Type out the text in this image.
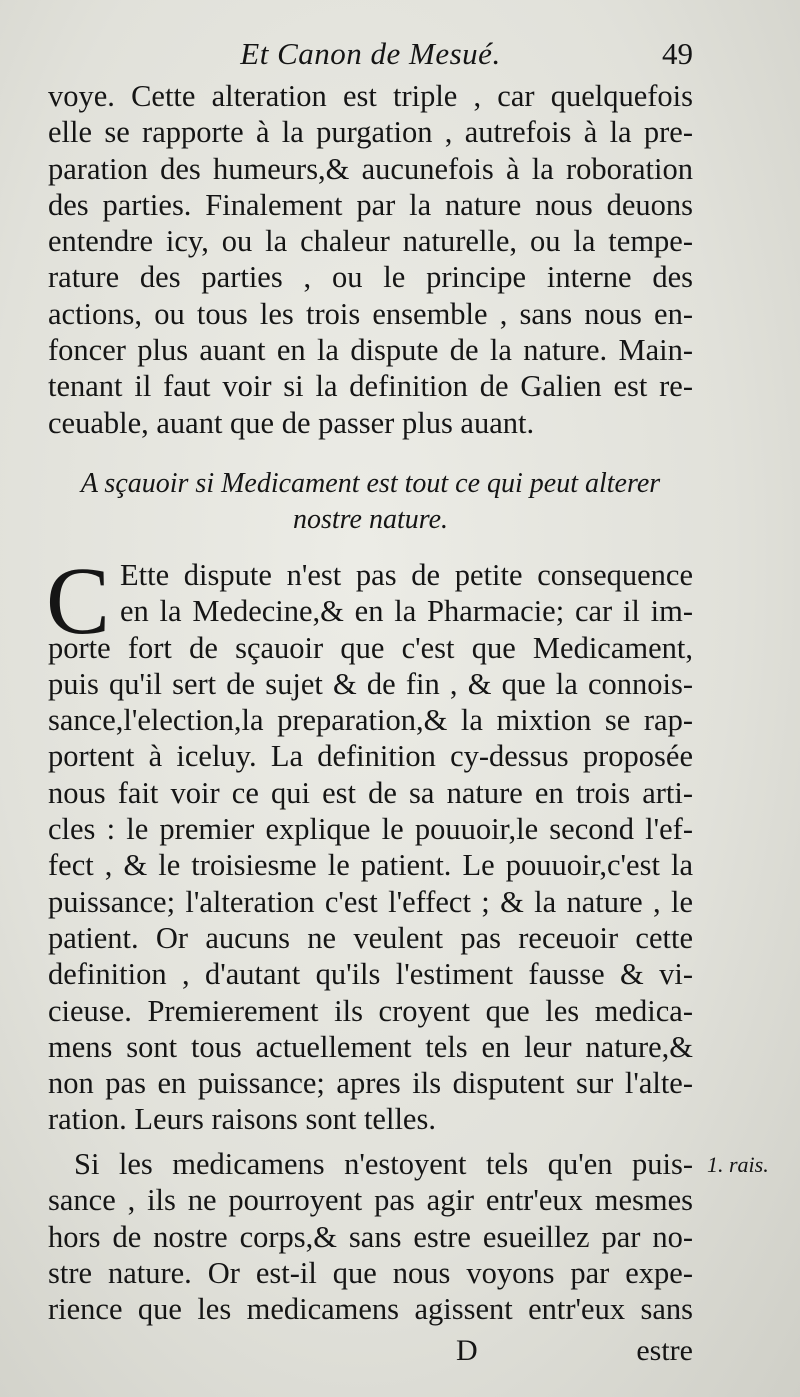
Et Canon de Mesué.	49
voye. Cette alteration est triple , car quelquefois
elle se rapporte à la purgation , autrefois à la pre-
paration des humeurs,& aucunefois à la roboration
des parties. Finalement par la nature nous deuons
entendre icy, ou la chaleur naturelle, ou la tempe-
rature des parties , ou le principe interne des
actions, ou tous les trois ensemble , sans nous en-
foncer plus auant en la dispute de la nature. Main-
tenant il faut voir si la definition de Galien est re-
ceuable, auant que de passer plus auant.
A sçauoir si Medicament est tout ce qui peut alterer
nostre nature.
C Ette dispute n'est pas de petite consequence
en la Medecine,& en la Pharmacie; car il im-
porte fort de sçauoir que c'est que Medicament,
puis qu'il sert de sujet & de fin , & que la connois-
sance,l'election,la preparation,& la mixtion se rap-
portent à iceluy. La definition cy-dessus proposée
nous fait voir ce qui est de sa nature en trois arti-
cles : le premier explique le pouuoir,le second l'ef-
fect , & le troisiesme le patient. Le pouuoir,c'est la
puissance; l'alteration c'est l'effect ; & la nature , le
patient. Or aucuns ne veulent pas receuoir cette
definition , d'autant qu'ils l'estiment fausse & vi-
cieuse. Premierement ils croyent que les medica-
mens sont tous actuellement tels en leur nature,&
non pas en puissance; apres ils disputent sur l'alte-
ration. Leurs raisons sont telles.
Si les medicamens n'estoyent tels qu'en puis-
sance , ils ne pourroyent pas agir entr'eux mesmes
hors de nostre corps,& sans estre esueillez par no-
stre nature. Or est-il que nous voyons par expe-
rience que les medicamens agissent entr'eux sans
1. rais.
D	estre
